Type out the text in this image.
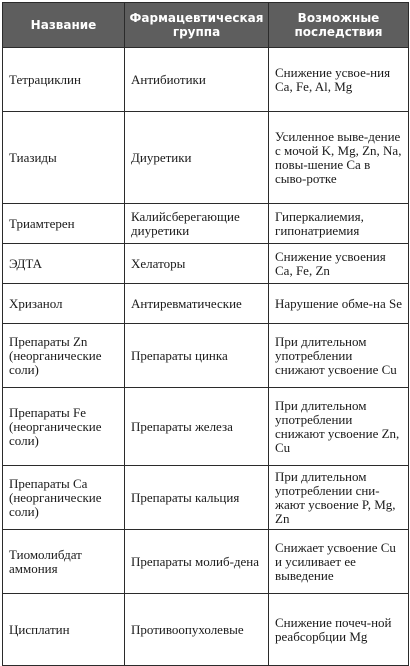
Название	Фармацевтическая группа	Возможные последствия
Тетрациклин	Антибиотики	Снижение усвое-ния Ca, Fe, Al, Mg
Тиазиды	Диуретики	Усиленное выве-дение с мочой K, Mg, Zn, Na, повы-шение Ca в сыво-ротке
Триамтерен	Калийсберегающие диуретики	Гиперкалиемия, гипонатриемия
ЭДТА	Хелаторы	Снижение усвоения Ca, Fe, Zn
Хризанол	Антиревматические	Нарушение обме-на Se
Препараты Zn (неорганические соли)	Препараты цинка	При длительном употреблении снижают усвоение Cu
Препараты Fe (неорганические соли)	Препараты железа	При длительном употреблении снижают усвоение Zn, Cu
Препараты Ca (неорганические соли)	Препараты кальция	При длительном употреблении сни-жают усвоение P, Mg, Zn
Тиомолибдат аммония	Препараты молиб-дена	Снижает усвоение Cu и усиливает ее выведение
Цисплатин	Противоопухолевые	Снижение почеч-ной реабсорбции Mg
